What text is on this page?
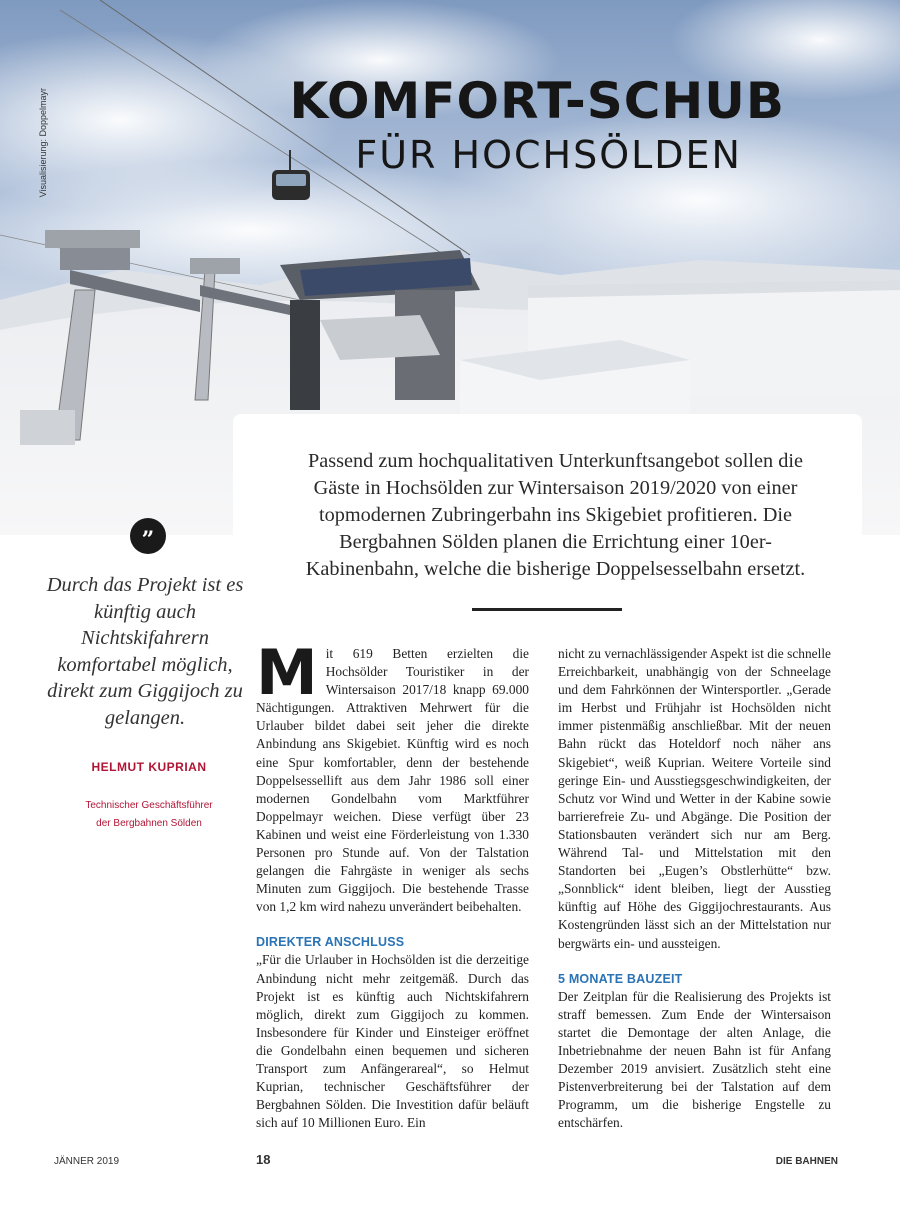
Visualisierung: Doppelmayr	KOMFORT-SCHUB
FÜR HOCHSÖLDEN

Passend zum hochqualitativen Unterkunftsangebot sollen die Gäste in Hochsölden zur Wintersaison 2019/2020 von einer topmodernen Zubringerbahn ins Skigebiet profitieren. Die Bergbahnen Sölden planen die Errichtung einer 10er-Kabinenbahn, welche die bisherige Doppelsesselbahn ersetzt.

”

Durch das Projekt ist es künftig auch Nichtskifahrern komfortabel möglich, direkt zum Giggijoch zu gelangen.

HELMUT KUPRIAN
Technischer Geschäftsführer
der Bergbahnen Sölden

Mit 619 Betten erzielten die Hochsölder Touristiker in der Wintersaison 2017/18 knapp 69.000 Nächtigungen. Attraktiven Mehrwert für die Urlauber bildet dabei seit jeher die direkte Anbindung ans Skigebiet. Künftig wird es noch eine Spur komfortabler, denn der bestehende Doppelsessellift aus dem Jahr 1986 soll einer modernen Gondelbahn vom Marktführer Doppelmayr weichen. Diese verfügt über 23 Kabinen und weist eine Förderleistung von 1.330 Personen pro Stunde auf. Von der Talstation gelangen die Fahrgäste in weniger als sechs Minuten zum Giggijoch. Die bestehende Trasse von 1,2 km wird nahezu unverändert beibehalten.

DIREKTER ANSCHLUSS

„Für die Urlauber in Hochsölden ist die derzeitige Anbindung nicht mehr zeitgemäß. Durch das Projekt ist es künftig auch Nichtskifahrern möglich, direkt zum Giggijoch zu kommen. Insbesondere für Kinder und Einsteiger eröffnet die Gondelbahn einen bequemen und sicheren Transport zum Anfängerareal“, so Helmut Kuprian, technischer Geschäftsführer der Bergbahnen Sölden. Die Investition dafür beläuft sich auf 10 Millionen Euro. Ein

nicht zu vernachlässigender Aspekt ist die schnelle Erreichbarkeit, unabhängig von der Schneelage und dem Fahrkönnen der Wintersportler. „Gerade im Herbst und Frühjahr ist Hochsölden nicht immer pistenmäßig anschließbar. Mit der neuen Bahn rückt das Hoteldorf noch näher ans Skigebiet“, weiß Kuprian. Weitere Vorteile sind geringe Ein- und Ausstiegsgeschwindigkeiten, der Schutz vor Wind und Wetter in der Kabine sowie barrierefreie Zu- und Abgänge. Die Position der Stationsbauten verändert sich nur am Berg. Während Tal- und Mittelstation mit den Standorten bei „Eugen’s Obstlerhütte“ bzw. „Sonnblick“ ident bleiben, liegt der Ausstieg künftig auf Höhe des Giggijochrestaurants. Aus Kostengründen lässt sich an der Mittelstation nur bergwärts ein- und aussteigen.

5 MONATE BAUZEIT

Der Zeitplan für die Realisierung des Projekts ist straff bemessen. Zum Ende der Wintersaison startet die Demontage der alten Anlage, die Inbetriebnahme der neuen Bahn ist für Anfang Dezember 2019 anvisiert. Zusätzlich steht eine Pistenverbreiterung bei der Talstation auf dem Programm, um die bisherige Engstelle zu entschärfen.

JÄNNER 2019	18	DIE BAHNEN
